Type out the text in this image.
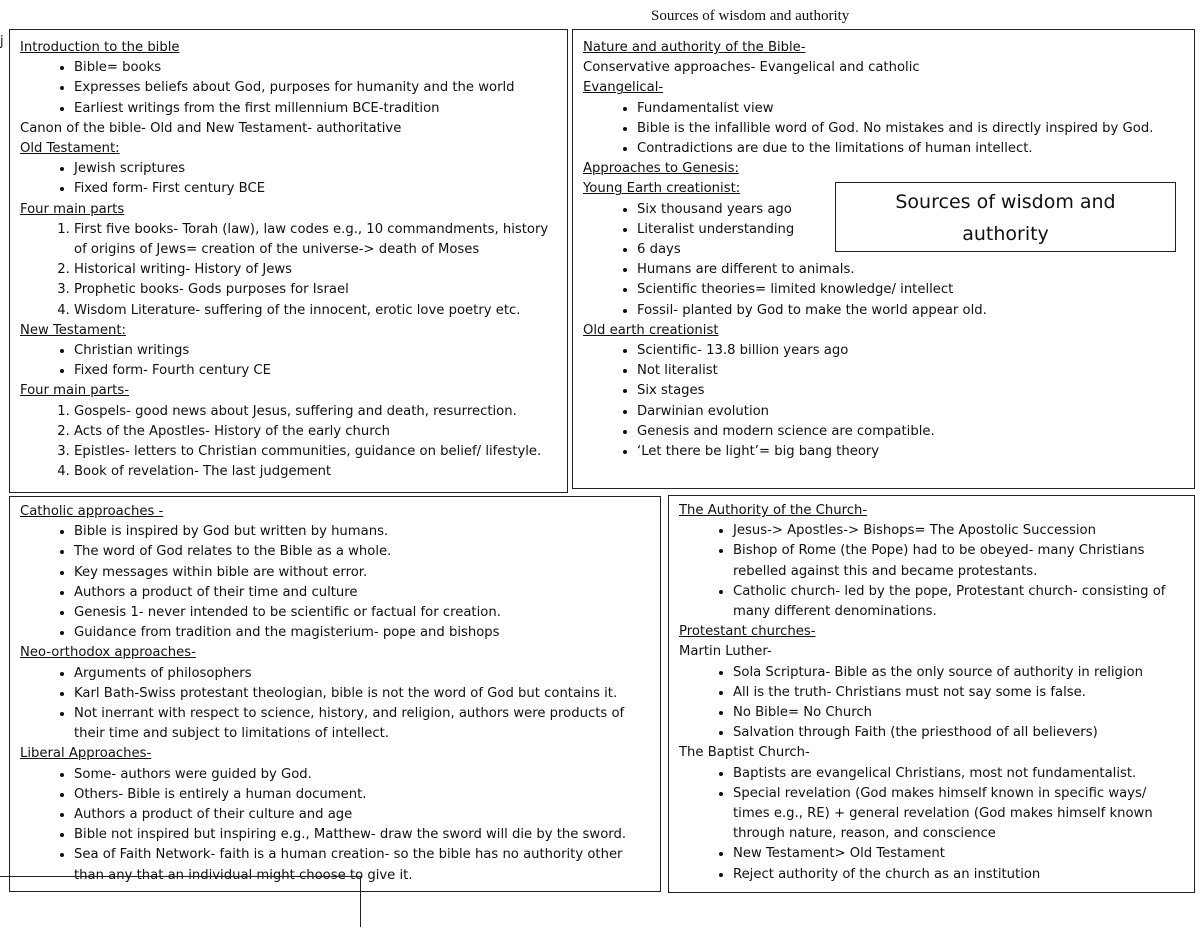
Sources of wisdom and authority
j Introduction to the bible

• Bible= books
• Expresses beliefs about God, purposes for humanity and the world
• Earliest writings from the first millennium BCE-tradition

Canon of the bible- Old and New Testament- authoritative

Old Testament:

• Jewish scriptures
• Fixed form- First century BCE

Four main parts

1. First five books- Torah (law), law codes e.g., 10 commandments, history of origins of Jews= creation of the universe-> death of Moses
2. Historical writing- History of Jews
3. Prophetic books- Gods purposes for Israel
4. Wisdom Literature- suffering of the innocent, erotic love poetry etc.

New Testament:

• Christian writings
• Fixed form- Fourth century CE

Four main parts-

1. Gospels- good news about Jesus, suffering and death, resurrection.
2. Acts of the Apostles- History of the early church
3. Epistles- letters to Christian communities, guidance on belief/ lifestyle.
4. Book of revelation- The last judgement

Nature and authority of the Bible-

Conservative approaches- Evangelical and catholic

Evangelical-

• Fundamentalist view
• Bible is the infallible word of God. No mistakes and is directly inspired by God.
• Contradictions are due to the limitations of human intellect.

Approaches to Genesis:

Young Earth creationist:

• Six thousand years ago
• Literalist understanding
• 6 days
• Humans are different to animals.
• Scientific theories= limited knowledge/ intellect
• Fossil- planted by God to make the world appear old.

Old earth creationist

• Scientific- 13.8 billion years ago
• Not literalist
• Six stages
• Darwinian evolution
• Genesis and modern science are compatible.
• ‘Let there be light’= big bang theory
Sources of wisdom and
authority

Catholic approaches -

• Bible is inspired by God but written by humans.
• The word of God relates to the Bible as a whole.
• Key messages within bible are without error.
• Authors a product of their time and culture
• Genesis 1- never intended to be scientific or factual for creation.
• Guidance from tradition and the magisterium- pope and bishops

Neo-orthodox approaches-

• Arguments of philosophers
• Karl Bath-Swiss protestant theologian, bible is not the word of God but contains it.
• Not inerrant with respect to science, history, and religion, authors were products of their time and subject to limitations of intellect.

Liberal Approaches-

• Some- authors were guided by God.
• Others- Bible is entirely a human document.
• Authors a product of their culture and age
• Bible not inspired but inspiring e.g., Matthew- draw the sword will die by the sword.
• Sea of Faith Network- faith is a human creation- so the bible has no authority other than any that an individual might choose to give it.

The Authority of the Church-

• Jesus-> Apostles-> Bishops= The Apostolic Succession
• Bishop of Rome (the Pope) had to be obeyed- many Christians rebelled against this and became protestants.
• Catholic church- led by the pope, Protestant church- consisting of many different denominations.

Protestant churches-

Martin Luther-

• Sola Scriptura- Bible as the only source of authority in religion
• All is the truth- Christians must not say some is false.
• No Bible= No Church
• Salvation through Faith (the priesthood of all believers)

The Baptist Church-

• Baptists are evangelical Christians, most not fundamentalist.
• Special revelation (God makes himself known in specific ways/ times e.g., RE) + general revelation (God makes himself known through nature, reason, and conscience
• New Testament> Old Testament
• Reject authority of the church as an institution
